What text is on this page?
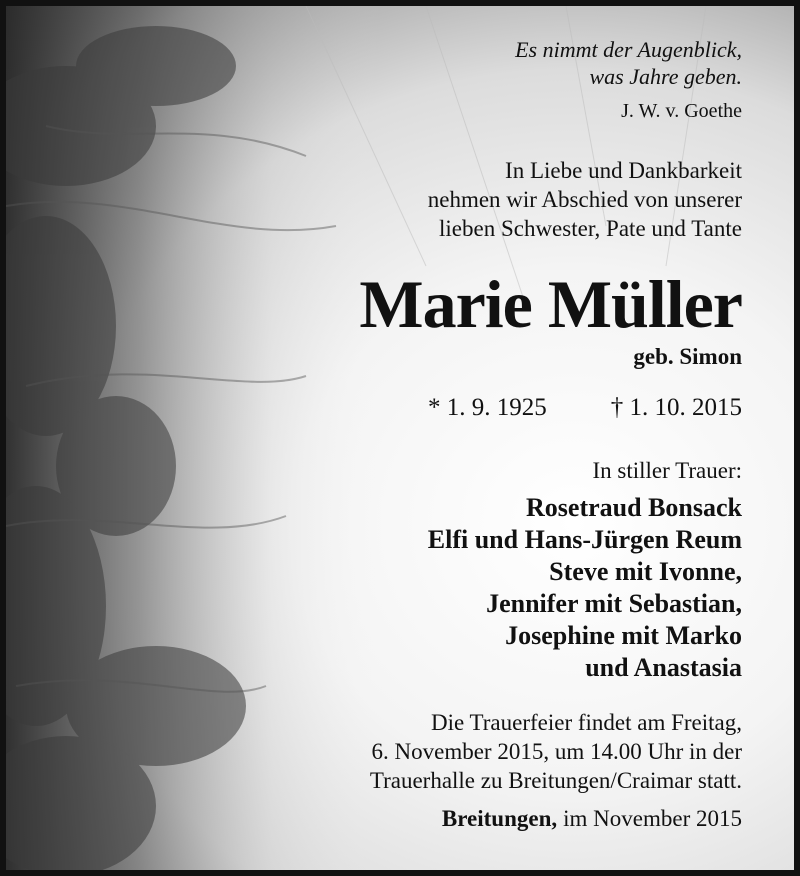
Es nimmt der Augenblick,
was Jahre geben.
J. W. v. Goethe
In Liebe und Dankbarkeit
nehmen wir Abschied von unserer
lieben Schwester, Pate und Tante
Marie Müller
geb. Simon
* 1. 9. 1925	† 1. 10. 2015
In stiller Trauer:
Rosetraud Bonsack
Elfi und Hans-Jürgen Reum
Steve mit Ivonne,
Jennifer mit Sebastian,
Josephine mit Marko
und Anastasia
Die Trauerfeier findet am Freitag,
6. November 2015, um 14.00 Uhr in der
Trauerhalle zu Breitungen/Craimar statt.
Breitungen, im November 2015
